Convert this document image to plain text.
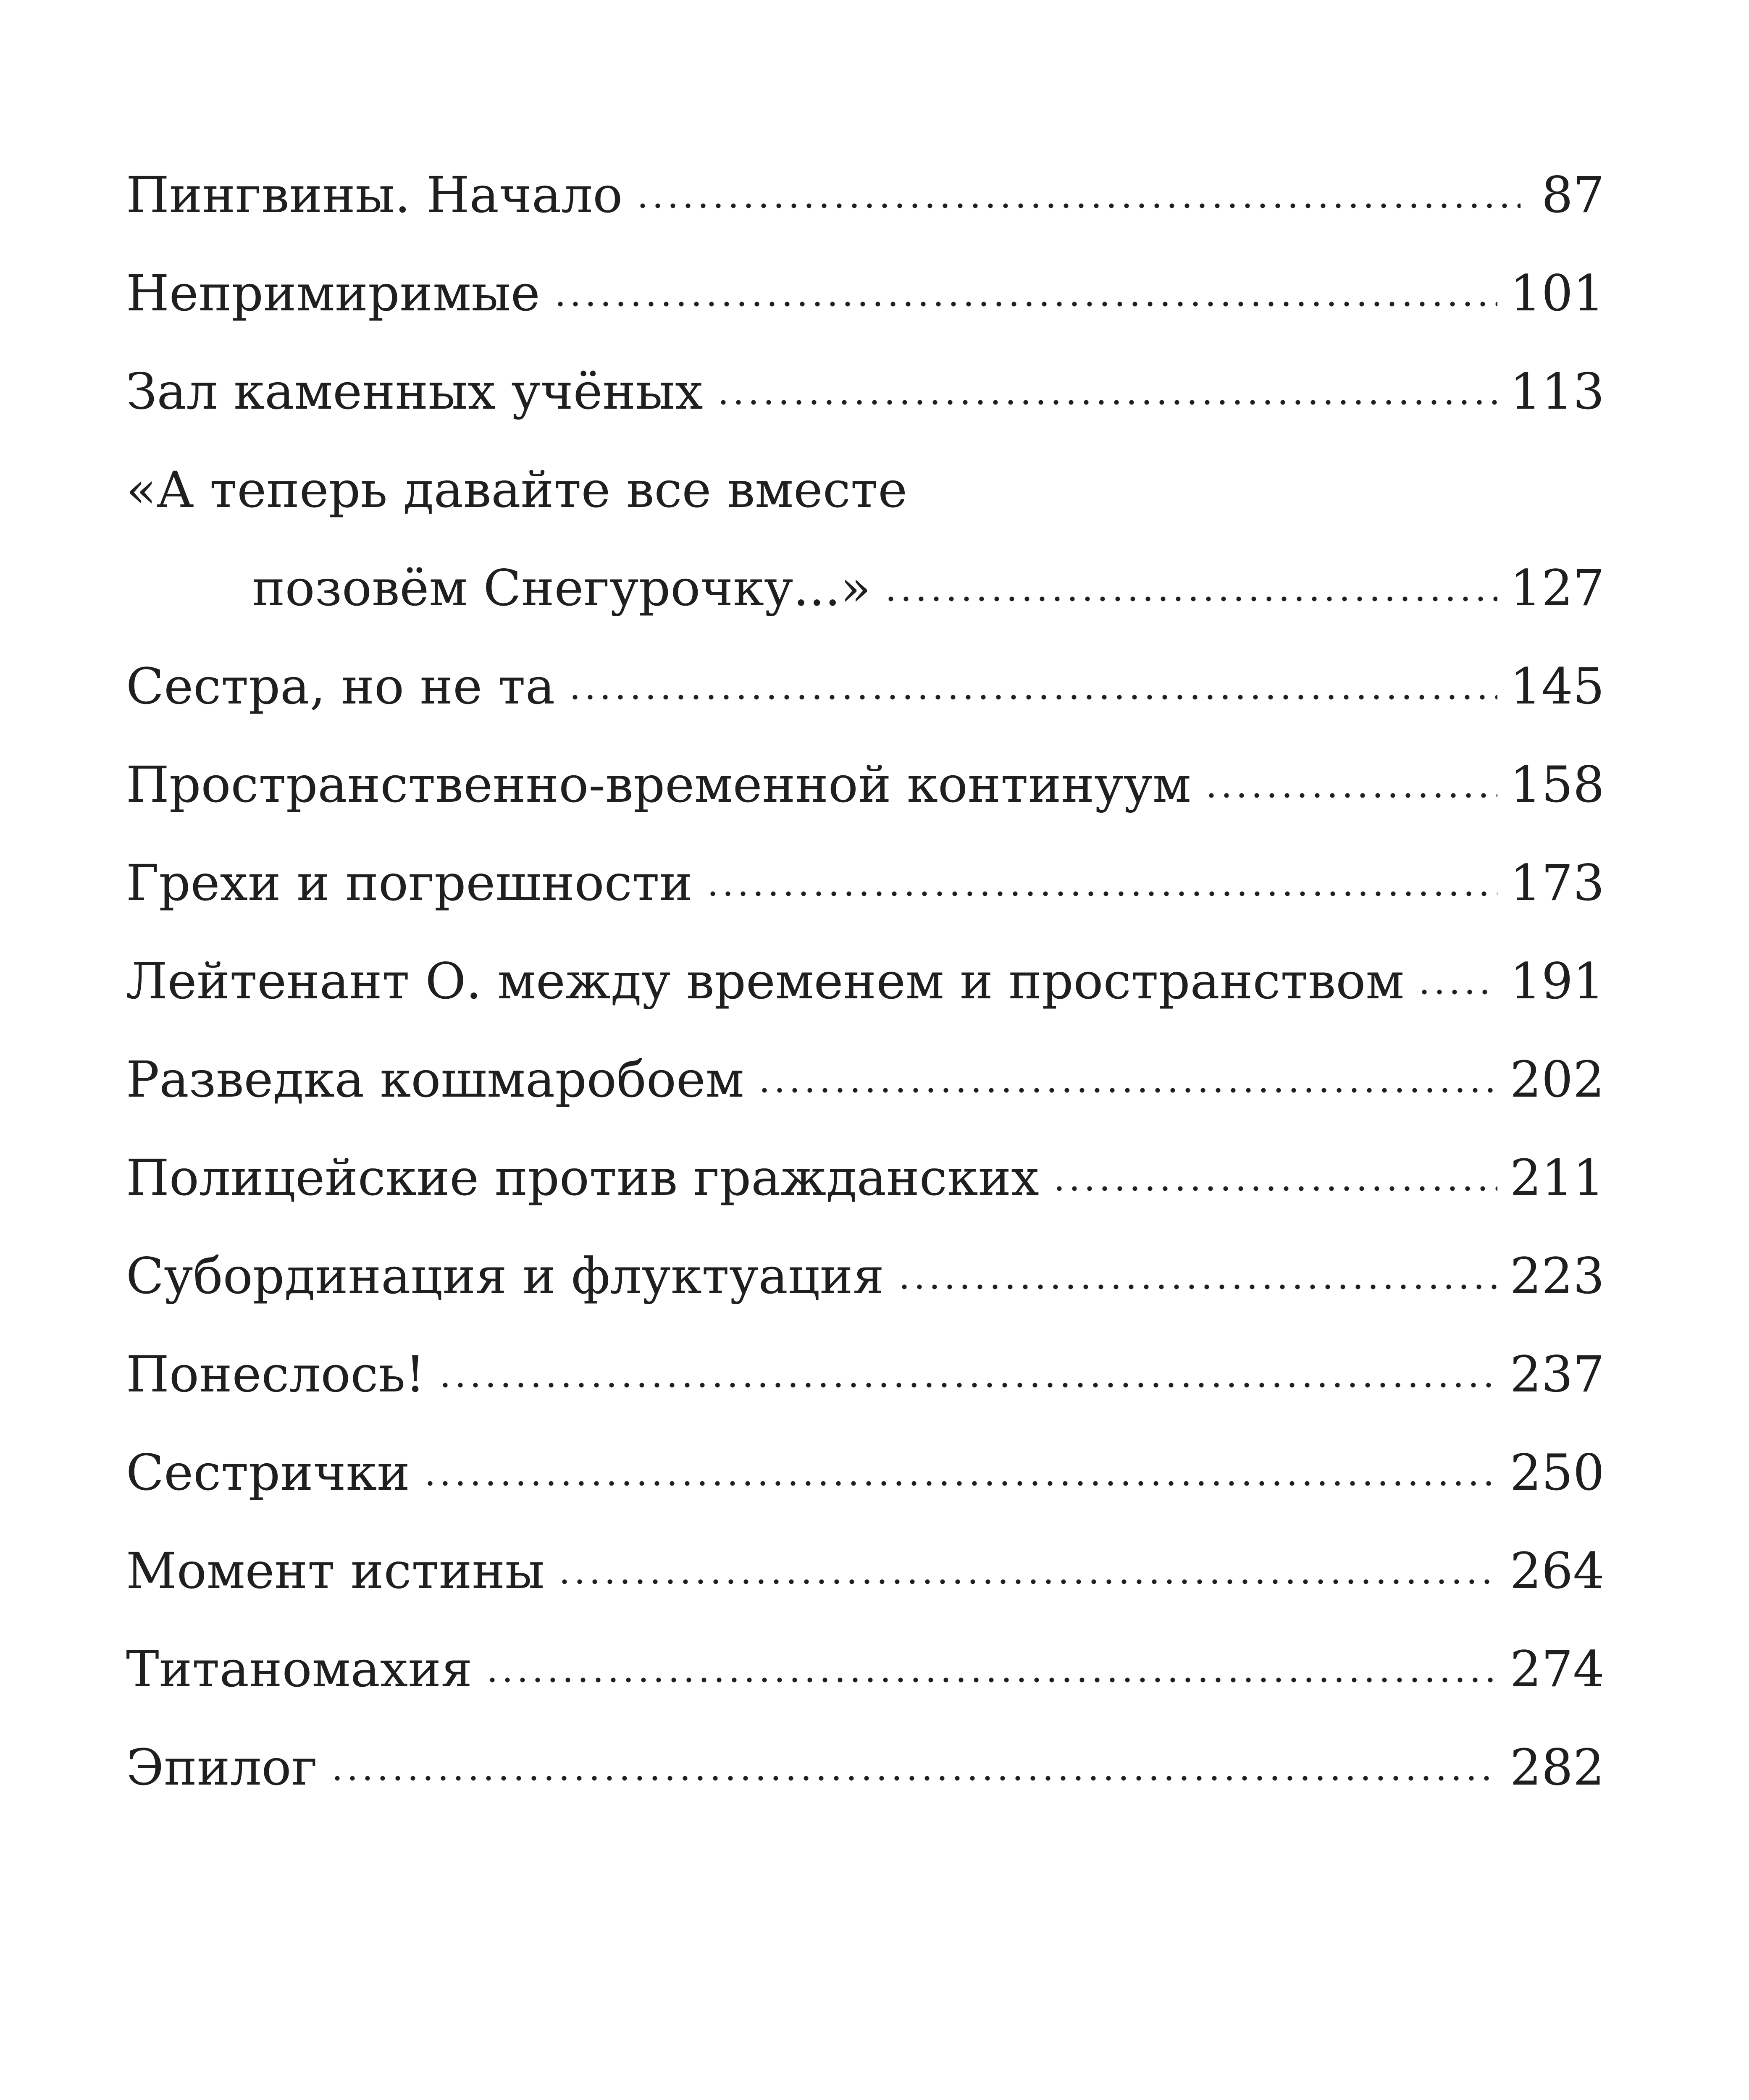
Пингвины. Начало	87
Непримиримые	101
Зал каменных учёных	113
«А теперь давайте все вместе
позовём Снегурочку...»	127
Сестра, но не та	145
Пространственно-временной континуум	158
Грехи и погрешности	173
Лейтенант О. между временем и пространством 191
Разведка кошмаробоем	202
Полицейские против гражданских	211
Субординация и флуктуация	223
Понеслось!	237
Сестрички	250
Момент истины	264
Титаномахия	274
Эпилог	282
